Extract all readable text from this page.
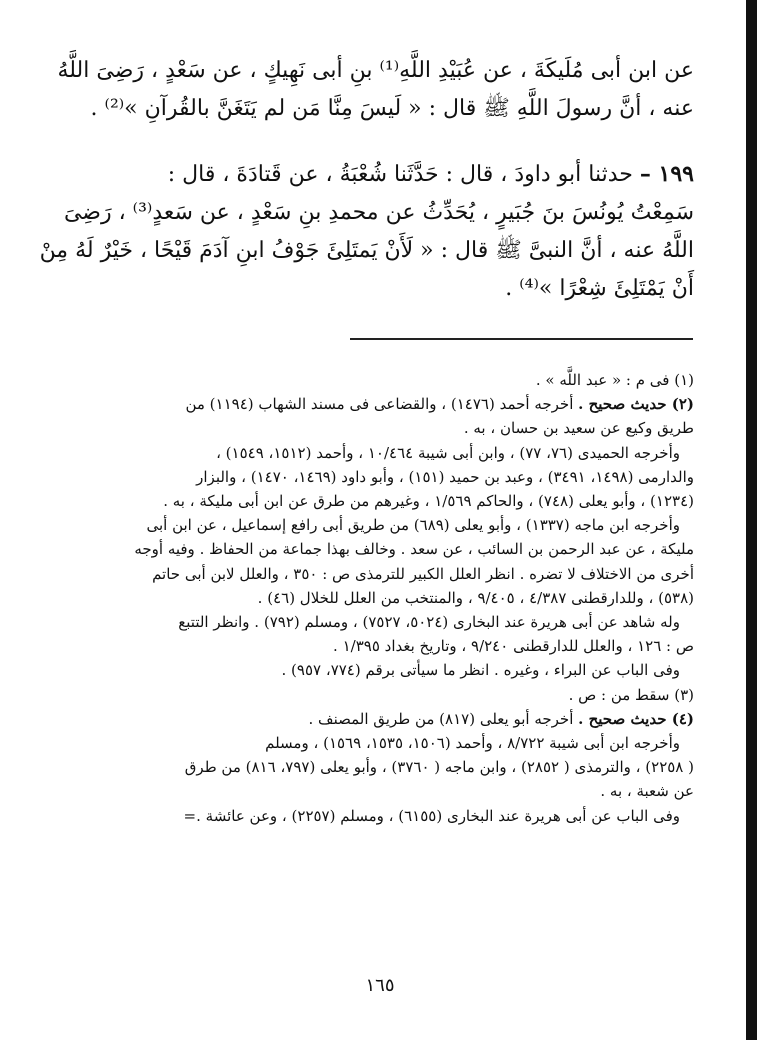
عن ابن أبى مُلَيكَةَ ، عن عُبَيْدِ اللَّهِ⁽¹⁾ بنِ أبى نَهِيكٍ ، عن سَعْدٍ ، رَضِىَ اللَّهُ

عنه ، أنَّ رسولَ اللَّهِ ﷺ قال : « لَيسَ مِنَّا مَن لم يَتَغَنَّ بالقُرآنِ »⁽²⁾ .

١٩٩ – حدثنا أبو داودَ ، قال : حَدَّثَنا شُعْبَةُ ، عن قَتادَةَ ، قال :

سَمِعْتُ يُونُسَ بنَ جُبَيرٍ ، يُحَدِّثُ عن محمدِ بنِ سَعْدٍ ، عن سَعدٍ⁽³⁾ ، رَضِىَ

اللَّهُ عنه ، أنَّ النبىَّ ﷺ قال : « لَأَنْ يَمتَلِئَ جَوْفُ ابنِ آدَمَ قَيْحًا ، خَيْرٌ لَهُ مِنْ

أَنْ يَمْتَلِئَ شِعْرًا »⁽⁴⁾ .

(١) فى م : « عبد اللَّه » .

(٢) حديث صحيح . أخرجه أحمد (١٤٧٦) ، والقضاعى فى مسند الشهاب (١١٩٤) من

طريق وكيع عن سعيد بن حسان ، به .

وأخرجه الحميدى (٧٦، ٧٧) ، وابن أبى شيبة ١٠/٤٦٤ ، وأحمد (١٥١٢، ١٥٤٩) ،

والدارمى (١٤٩٨، ٣٤٩١) ، وعبد بن حميد (١٥١) ، وأبو داود (١٤٦٩، ١٤٧٠) ، والبزار

(١٢٣٤) ، وأبو يعلى (٧٤٨) ، والحاكم ١/٥٦٩ ، وغيرهم من طرق عن ابن أبى مليكة ، به .

وأخرجه ابن ماجه (١٣٣٧) ، وأبو يعلى (٦٨٩) من طريق أبى رافع إسماعيل ، عن ابن أبى

مليكة ، عن عبد الرحمن بن السائب ، عن سعد . وخالف بهذا جماعة من الحفاظ . وفيه أوجه

أخرى من الاختلاف لا تضره . انظر العلل الكبير للترمذى ص : ٣٥٠ ، والعلل لابن أبى حاتم

(٥٣٨) ، وللدارقطنى ٤/٣٨٧ ، ٩/٤٠٥ ، والمنتخب من العلل للخلال (٤٦) .

وله شاهد عن أبى هريرة عند البخارى (٥٠٢٤، ٧٥٢٧) ، ومسلم (٧٩٢) . وانظر التتبع

ص : ١٢٦ ، والعلل للدارقطنى ٩/٢٤٠ ، وتاريخ بغداد ١/٣٩٥ .

وفى الباب عن البراء ، وغيره . انظر ما سيأتى برقم (٧٧٤، ٩٥٧) .

(٣) سقط من : ص .

(٤) حديث صحيح . أخرجه أبو يعلى (٨١٧) من طريق المصنف .

وأخرجه ابن أبى شيبة ٨/٧٢٢ ، وأحمد (١٥٠٦، ١٥٣٥، ١٥٦٩) ، ومسلم

( ٢٢٥٨) ، والترمذى ( ٢٨٥٢) ، وابن ماجه ( ٣٧٦٠) ، وأبو يعلى (٧٩٧، ٨١٦) من طرق

عن شعبة ، به .

وفى الباب عن أبى هريرة عند البخارى (٦١٥٥) ، ومسلم (٢٢٥٧) ، وعن عائشة .=

١٦٥
